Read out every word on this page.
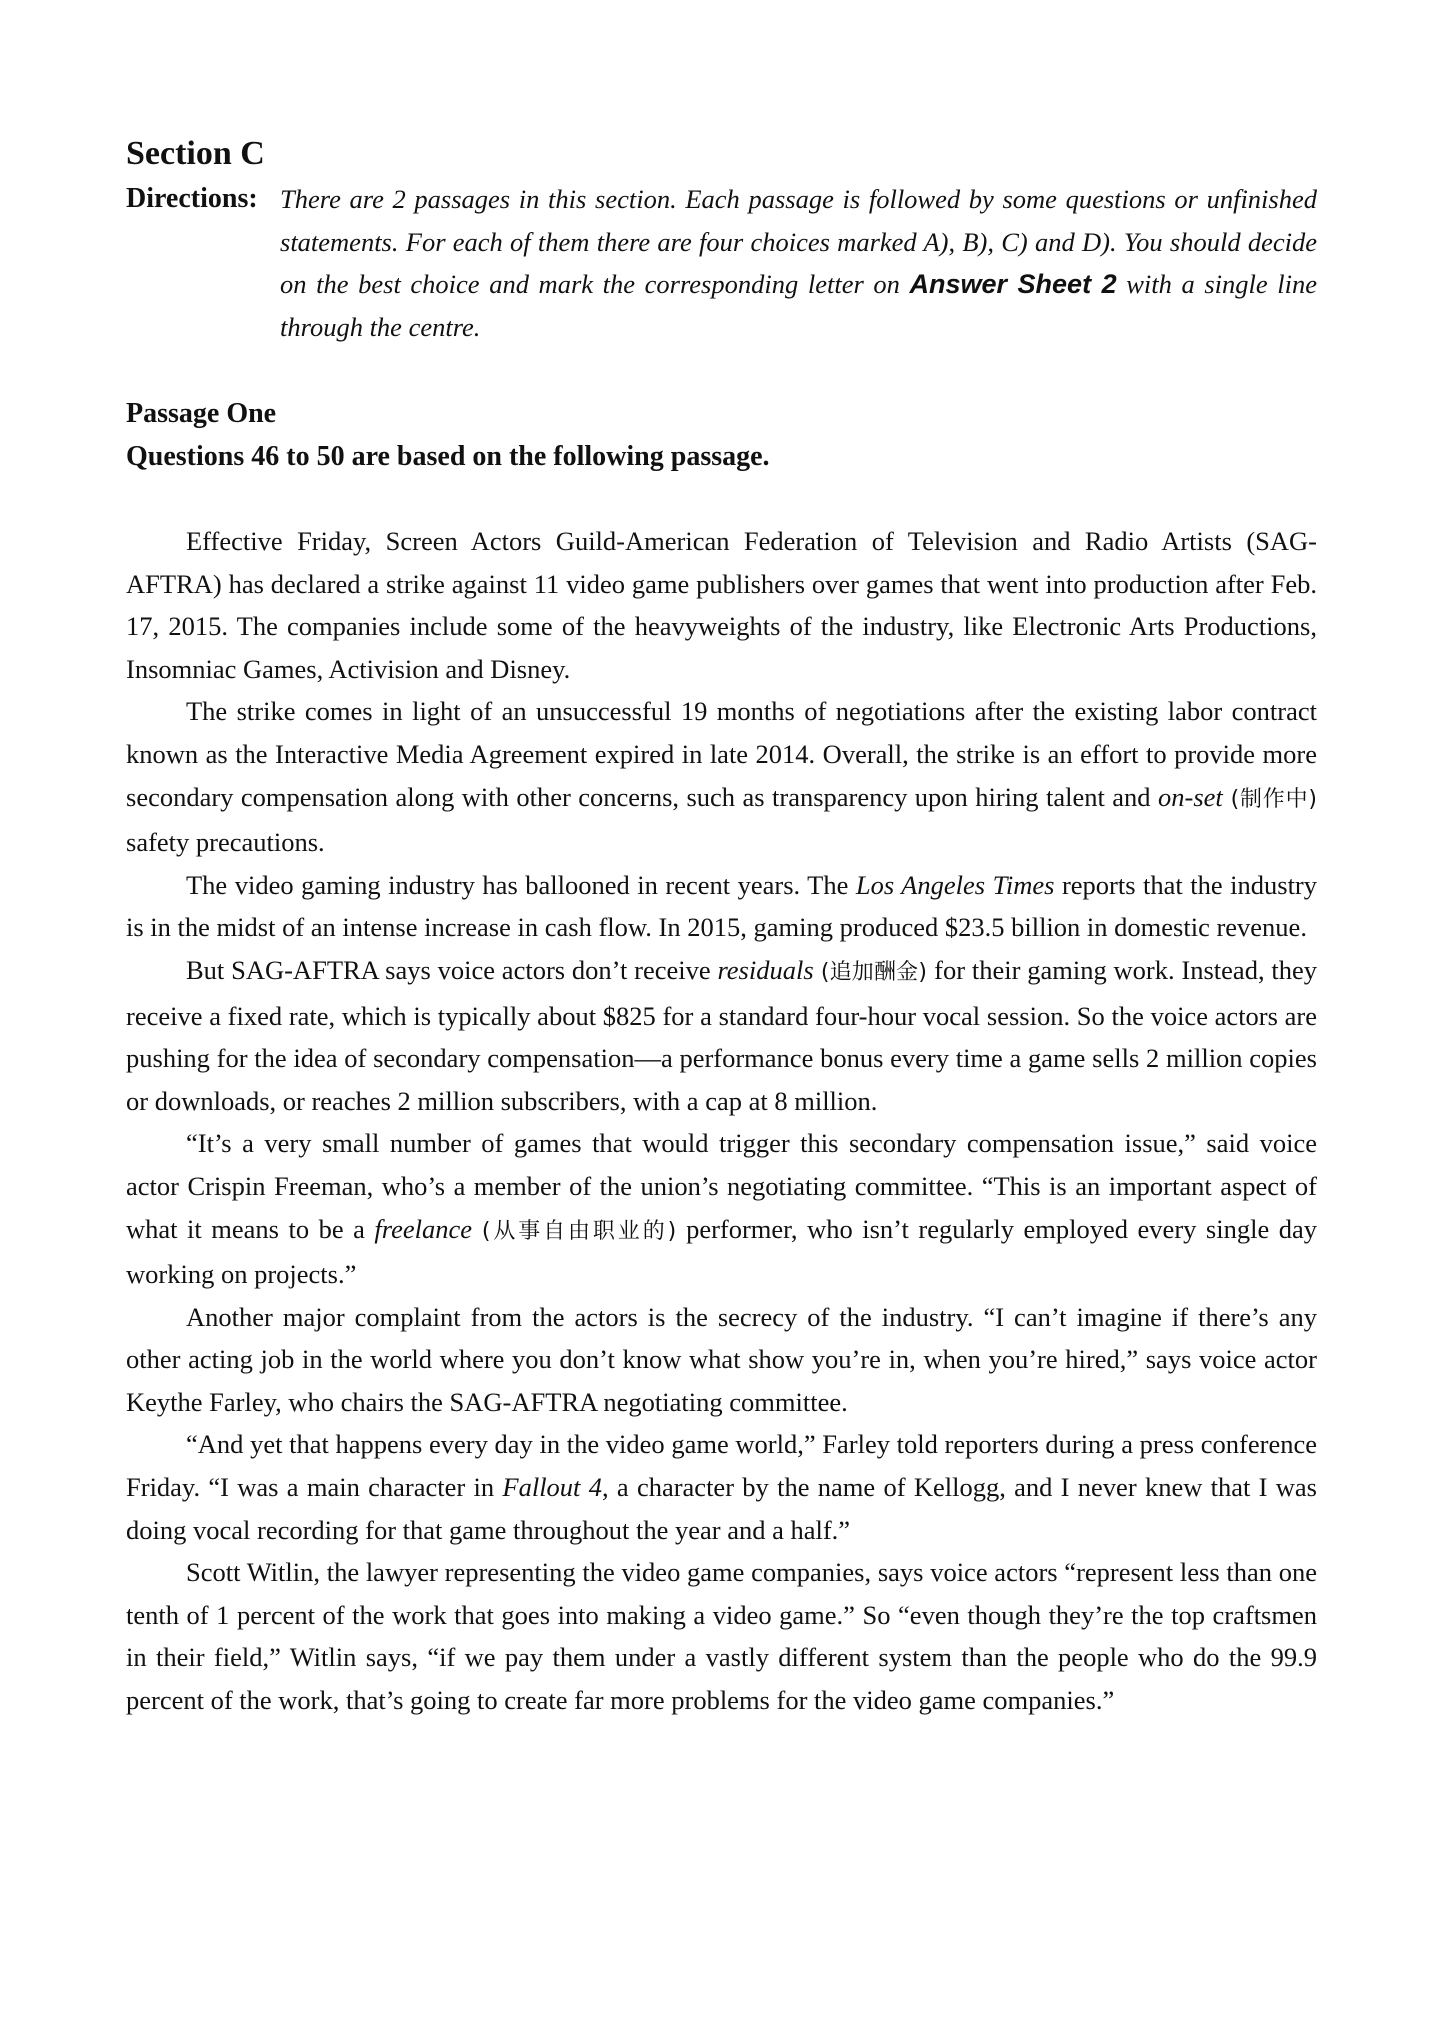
Section C
Directions: There are 2 passages in this section. Each passage is followed by some questions or unfinished statements. For each of them there are four choices marked A), B), C) and D). You should decide on the best choice and mark the corresponding letter on Answer Sheet 2 with a single line through the centre.
Passage One
Questions 46 to 50 are based on the following passage.

Effective Friday, Screen Actors Guild-American Federation of Television and Radio Artists (SAG-AFTRA) has declared a strike against 11 video game publishers over games that went into production after Feb. 17, 2015. The companies include some of the heavyweights of the industry, like Electronic Arts Productions, Insomniac Games, Activision and Disney.

The strike comes in light of an unsuccessful 19 months of negotiations after the existing labor contract known as the Interactive Media Agreement expired in late 2014. Overall, the strike is an effort to provide more secondary compensation along with other concerns, such as transparency upon hiring talent and on-set (制作中) safety precautions.

The video gaming industry has ballooned in recent years. The Los Angeles Times reports that the industry is in the midst of an intense increase in cash flow. In 2015, gaming produced $23.5 billion in domestic revenue.

But SAG-AFTRA says voice actors don’t receive residuals (追加酬金) for their gaming work. Instead, they receive a fixed rate, which is typically about $825 for a standard four-hour vocal session. So the voice actors are pushing for the idea of secondary compensation—a performance bonus every time a game sells 2 million copies or downloads, or reaches 2 million subscribers, with a cap at 8 million.

“It’s a very small number of games that would trigger this secondary compensation issue,” said voice actor Crispin Freeman, who’s a member of the union’s negotiating committee. “This is an important aspect of what it means to be a freelance (从事自由职业的) performer, who isn’t regularly employed every single day working on projects.”

Another major complaint from the actors is the secrecy of the industry. “I can’t imagine if there’s any other acting job in the world where you don’t know what show you’re in, when you’re hired,” says voice actor Keythe Farley, who chairs the SAG-AFTRA negotiating committee.

“And yet that happens every day in the video game world,” Farley told reporters during a press conference Friday. “I was a main character in Fallout 4, a character by the name of Kellogg, and I never knew that I was doing vocal recording for that game throughout the year and a half.”

Scott Witlin, the lawyer representing the video game companies, says voice actors “represent less than one tenth of 1 percent of the work that goes into making a video game.” So “even though they’re the top craftsmen in their field,” Witlin says, “if we pay them under a vastly different system than the people who do the 99.9 percent of the work, that’s going to create far more problems for the video game companies.”
